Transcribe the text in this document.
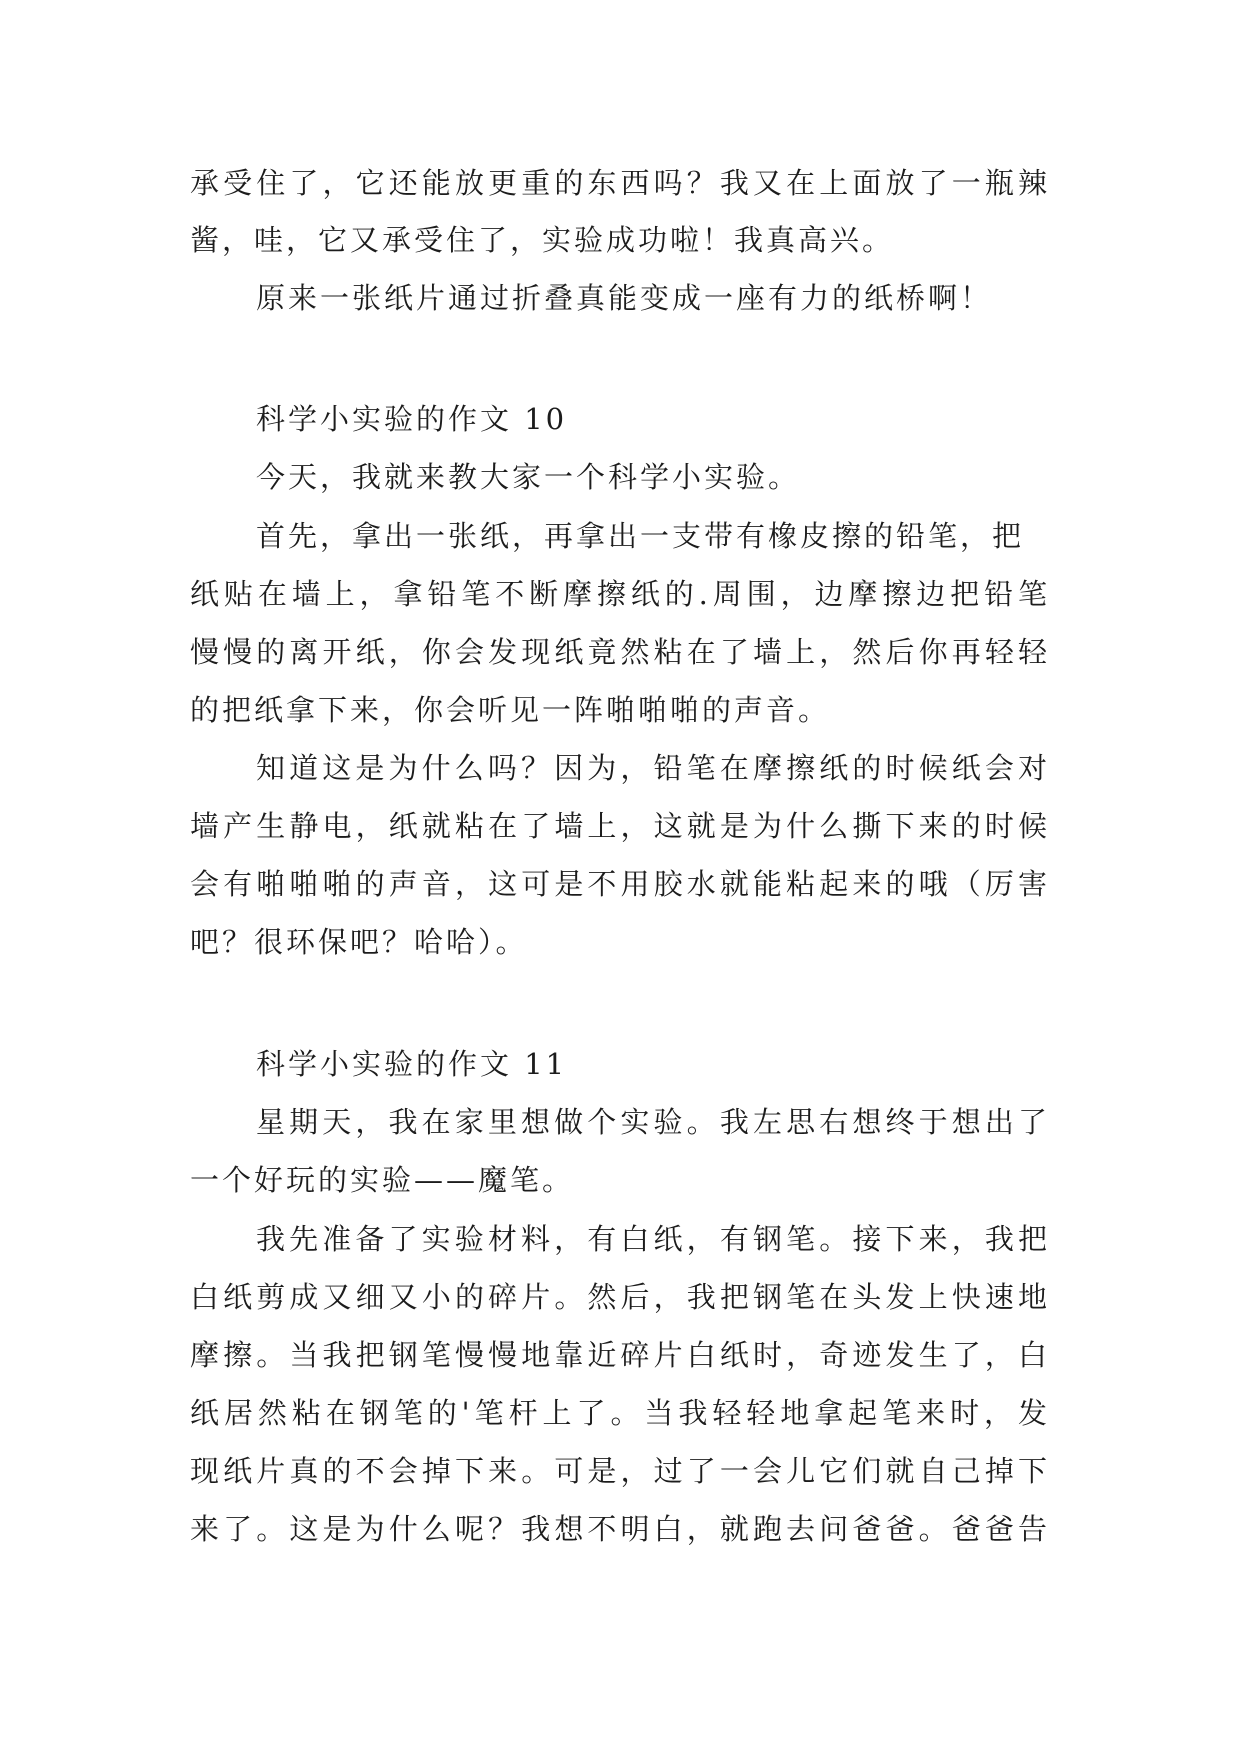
承受住了，它还能放更重的东西吗？我又在上面放了一瓶辣
酱，哇，它又承受住了，实验成功啦！我真高兴。
原来一张纸片通过折叠真能变成一座有力的纸桥啊！
科学小实验的作文 10
今天，我就来教大家一个科学小实验。
首先，拿出一张纸，再拿出一支带有橡皮擦的铅笔，把
纸贴在墙上，拿铅笔不断摩擦纸的.周围，边摩擦边把铅笔
慢慢的离开纸，你会发现纸竟然粘在了墙上，然后你再轻轻
的把纸拿下来，你会听见一阵啪啪啪的声音。
知道这是为什么吗？因为，铅笔在摩擦纸的时候纸会对
墙产生静电，纸就粘在了墙上，这就是为什么撕下来的时候
会有啪啪啪的声音，这可是不用胶水就能粘起来的哦（厉害
吧？很环保吧？哈哈）。
科学小实验的作文 11
星期天，我在家里想做个实验。我左思右想终于想出了
一个好玩的实验——魔笔。
我先准备了实验材料，有白纸，有钢笔。接下来，我把
白纸剪成又细又小的碎片。然后，我把钢笔在头发上快速地
摩擦。当我把钢笔慢慢地靠近碎片白纸时，奇迹发生了，白
纸居然粘在钢笔的'笔杆上了。当我轻轻地拿起笔来时，发
现纸片真的不会掉下来。可是，过了一会儿它们就自己掉下
来了。这是为什么呢？我想不明白，就跑去问爸爸。爸爸告
